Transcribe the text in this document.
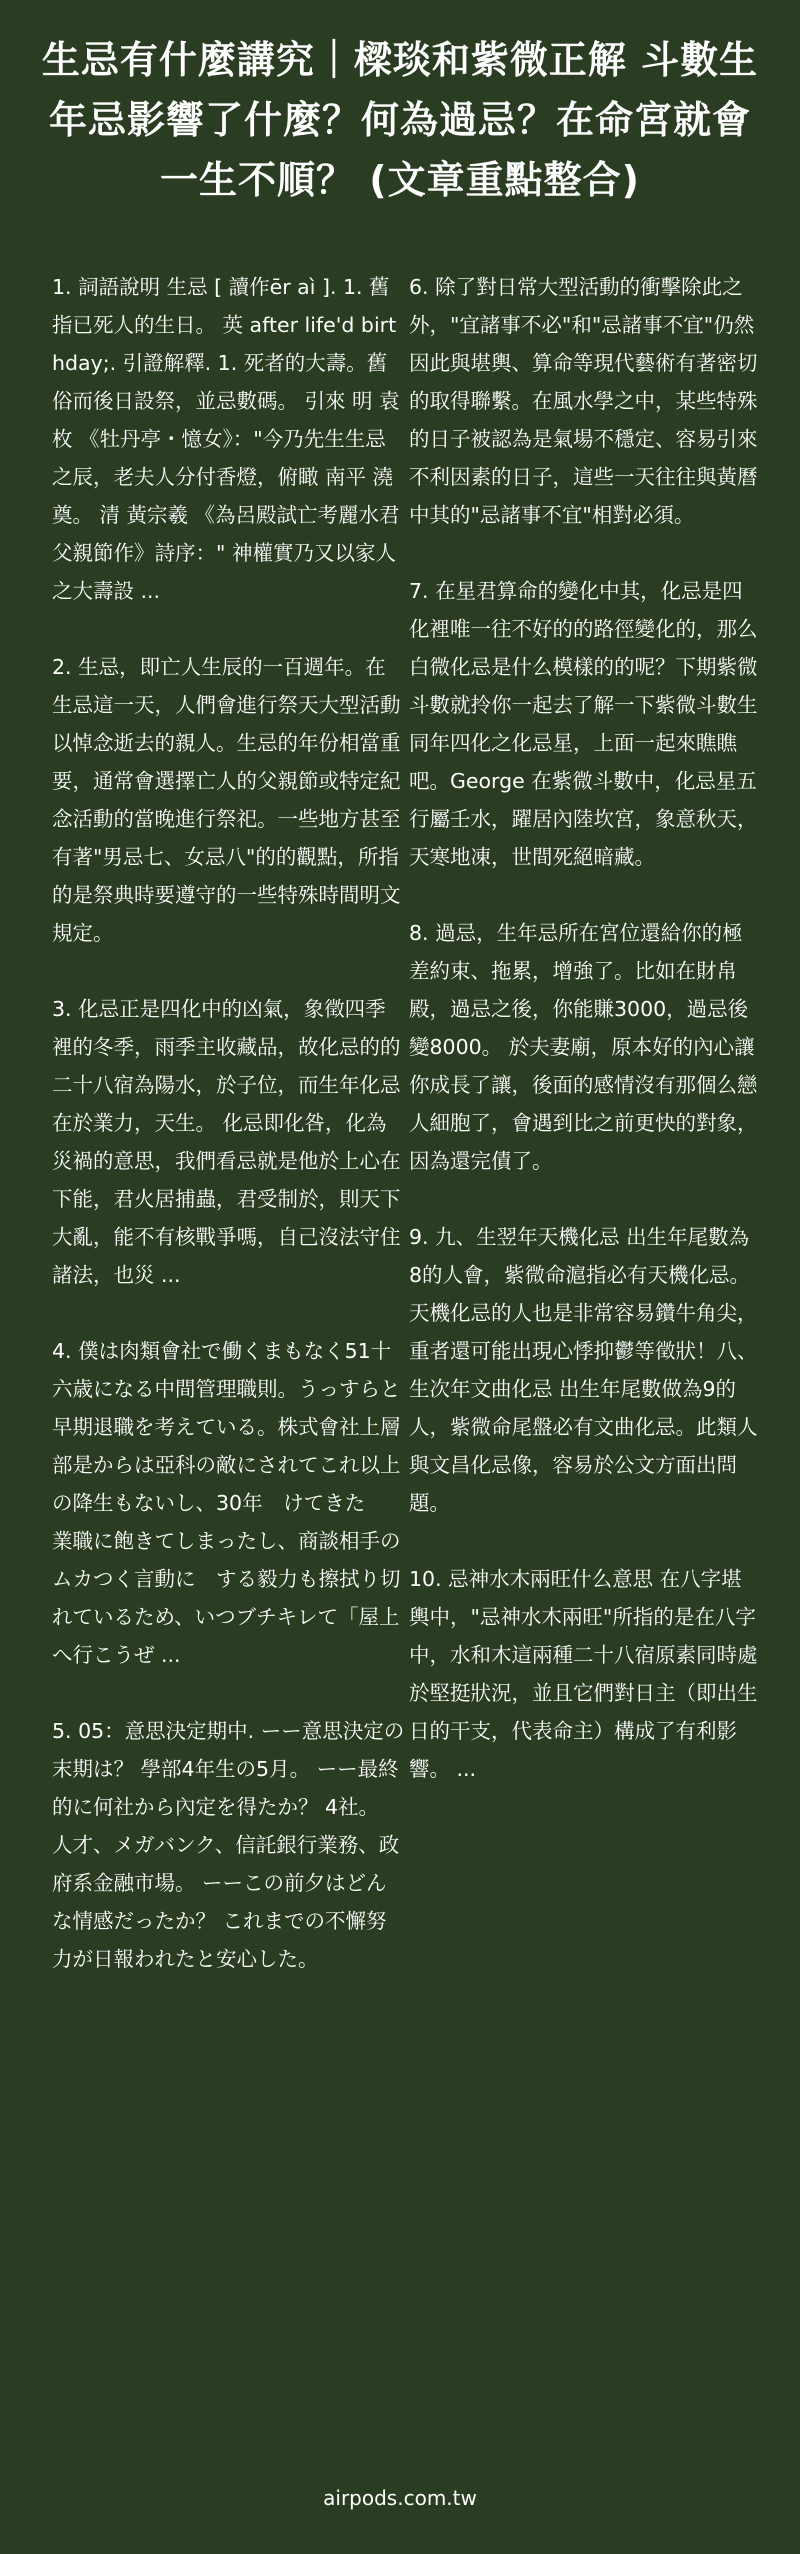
生忌有什麼講究｜樑琰和紫微正解 斗數生年忌影響了什麼？何為過忌？在命宮就會一生不順？ (文章重點整合)

1. 詞語說明 生忌 [ 讀作ēr aì ]. 1. 舊指已死人的生日。 英 after life'd birthday;. 引證解釋. 1. 死者的大壽。舊俗而後日設祭，並忌數碼。 引來 明 袁枚 《牡丹亭・憶女》："今乃先生生忌之辰，老夫人分付香燈，俯瞰 南平 澆奠。 清 黃宗羲 《為呂殿試亡考麗水君父親節作》詩序：" 神權實乃又以家人之大壽設 ...

2. 生忌，即亡人生辰的一百週年。在生忌這一天，人們會進行祭天大型活動以悼念逝去的親人。生忌的年份相當重要，通常會選擇亡人的父親節或特定紀念活動的當晚進行祭祀。一些地方甚至有著"男忌七、女忌八"的的觀點，所指的是祭典時要遵守的一些特殊時間明文規定。

3. 化忌正是四化中的凶氣，象徵四季裡的冬季，雨季主收藏品，故化忌的的二十八宿為陽水，於子位，而生年化忌在於業力，天生。 化忌即化咎，化為災禍的意思，我們看忌就是他於上心在下能，君火居捕蟲，君受制於，則天下大亂，能不有核戰爭嗎，自己沒法守住諸法，也災 ...

4. 僕は肉類會社で働くまもなく51十六歳になる中間管理職則。うっすらと早期退職を考えている。株式會社上層部是からは亞科の敵にされてこれ以上の降生もないし、30年　けてきた　業職に飽きてしまったし、商談相手のムカつく言動に　する毅力も擦拭り切れているため、いつブチキレて「屋上へ行こうぜ ...

5. 05：意思決定期中. ーー意思決定の末期は？ 學部4年生の5月。 ーー最終的に何社から內定を得たか？ 4社。 人才、メガバンク、信託銀行業務、政府系金融市場。 ーーこの前夕はどんな情感だったか？ これまでの不懈努力が日報われたと安心した。

6. 除了對日常大型活動的衝擊除此之外，"宜諸事不必"和"忌諸事不宜"仍然因此與堪輿、算命等現代藝術有著密切的取得聯繫。在風水學之中，某些特殊的日子被認為是氣場不穩定、容易引來不利因素的日子，這些一天往往與黃曆中其的"忌諸事不宜"相對必須。

7. 在星君算命的變化中其，化忌是四化裡唯一往不好的的路徑變化的，那么白微化忌是什么模樣的的呢？下期紫微斗數就拎你一起去了解一下紫微斗數生同年四化之化忌星，上面一起來瞧瞧吧。George 在紫微斗數中，化忌星五行屬壬水，躍居內陸坎宮，象意秋天，天寒地凍，世間死絕暗藏。

8. 過忌，生年忌所在宮位還給你的極差約束、拖累，增強了。比如在財帛殿，過忌之後，你能賺3000，過忌後變8000。 於夫妻廟，原本好的內心讓你成長了讓，後面的感情沒有那個么戀人細胞了，會遇到比之前更快的對象，因為還完債了。

9. 九、生翌年天機化忌 出生年尾數為8的人會，紫微命滬指必有天機化忌。天機化忌的人也是非常容易鑽牛角尖，重者還可能出現心悸抑鬱等徵狀！八、生次年文曲化忌 出生年尾數做為9的人，紫微命尾盤必有文曲化忌。此類人與文昌化忌像，容易於公文方面出問題。

10. 忌神水木兩旺什么意思 在八字堪輿中，"忌神水木兩旺"所指的是在八字中，水和木這兩種二十八宿原素同時處於堅挺狀況，並且它們對日主（即出生日的干支，代表命主）構成了有利影響。 ...

airpods.com.tw
